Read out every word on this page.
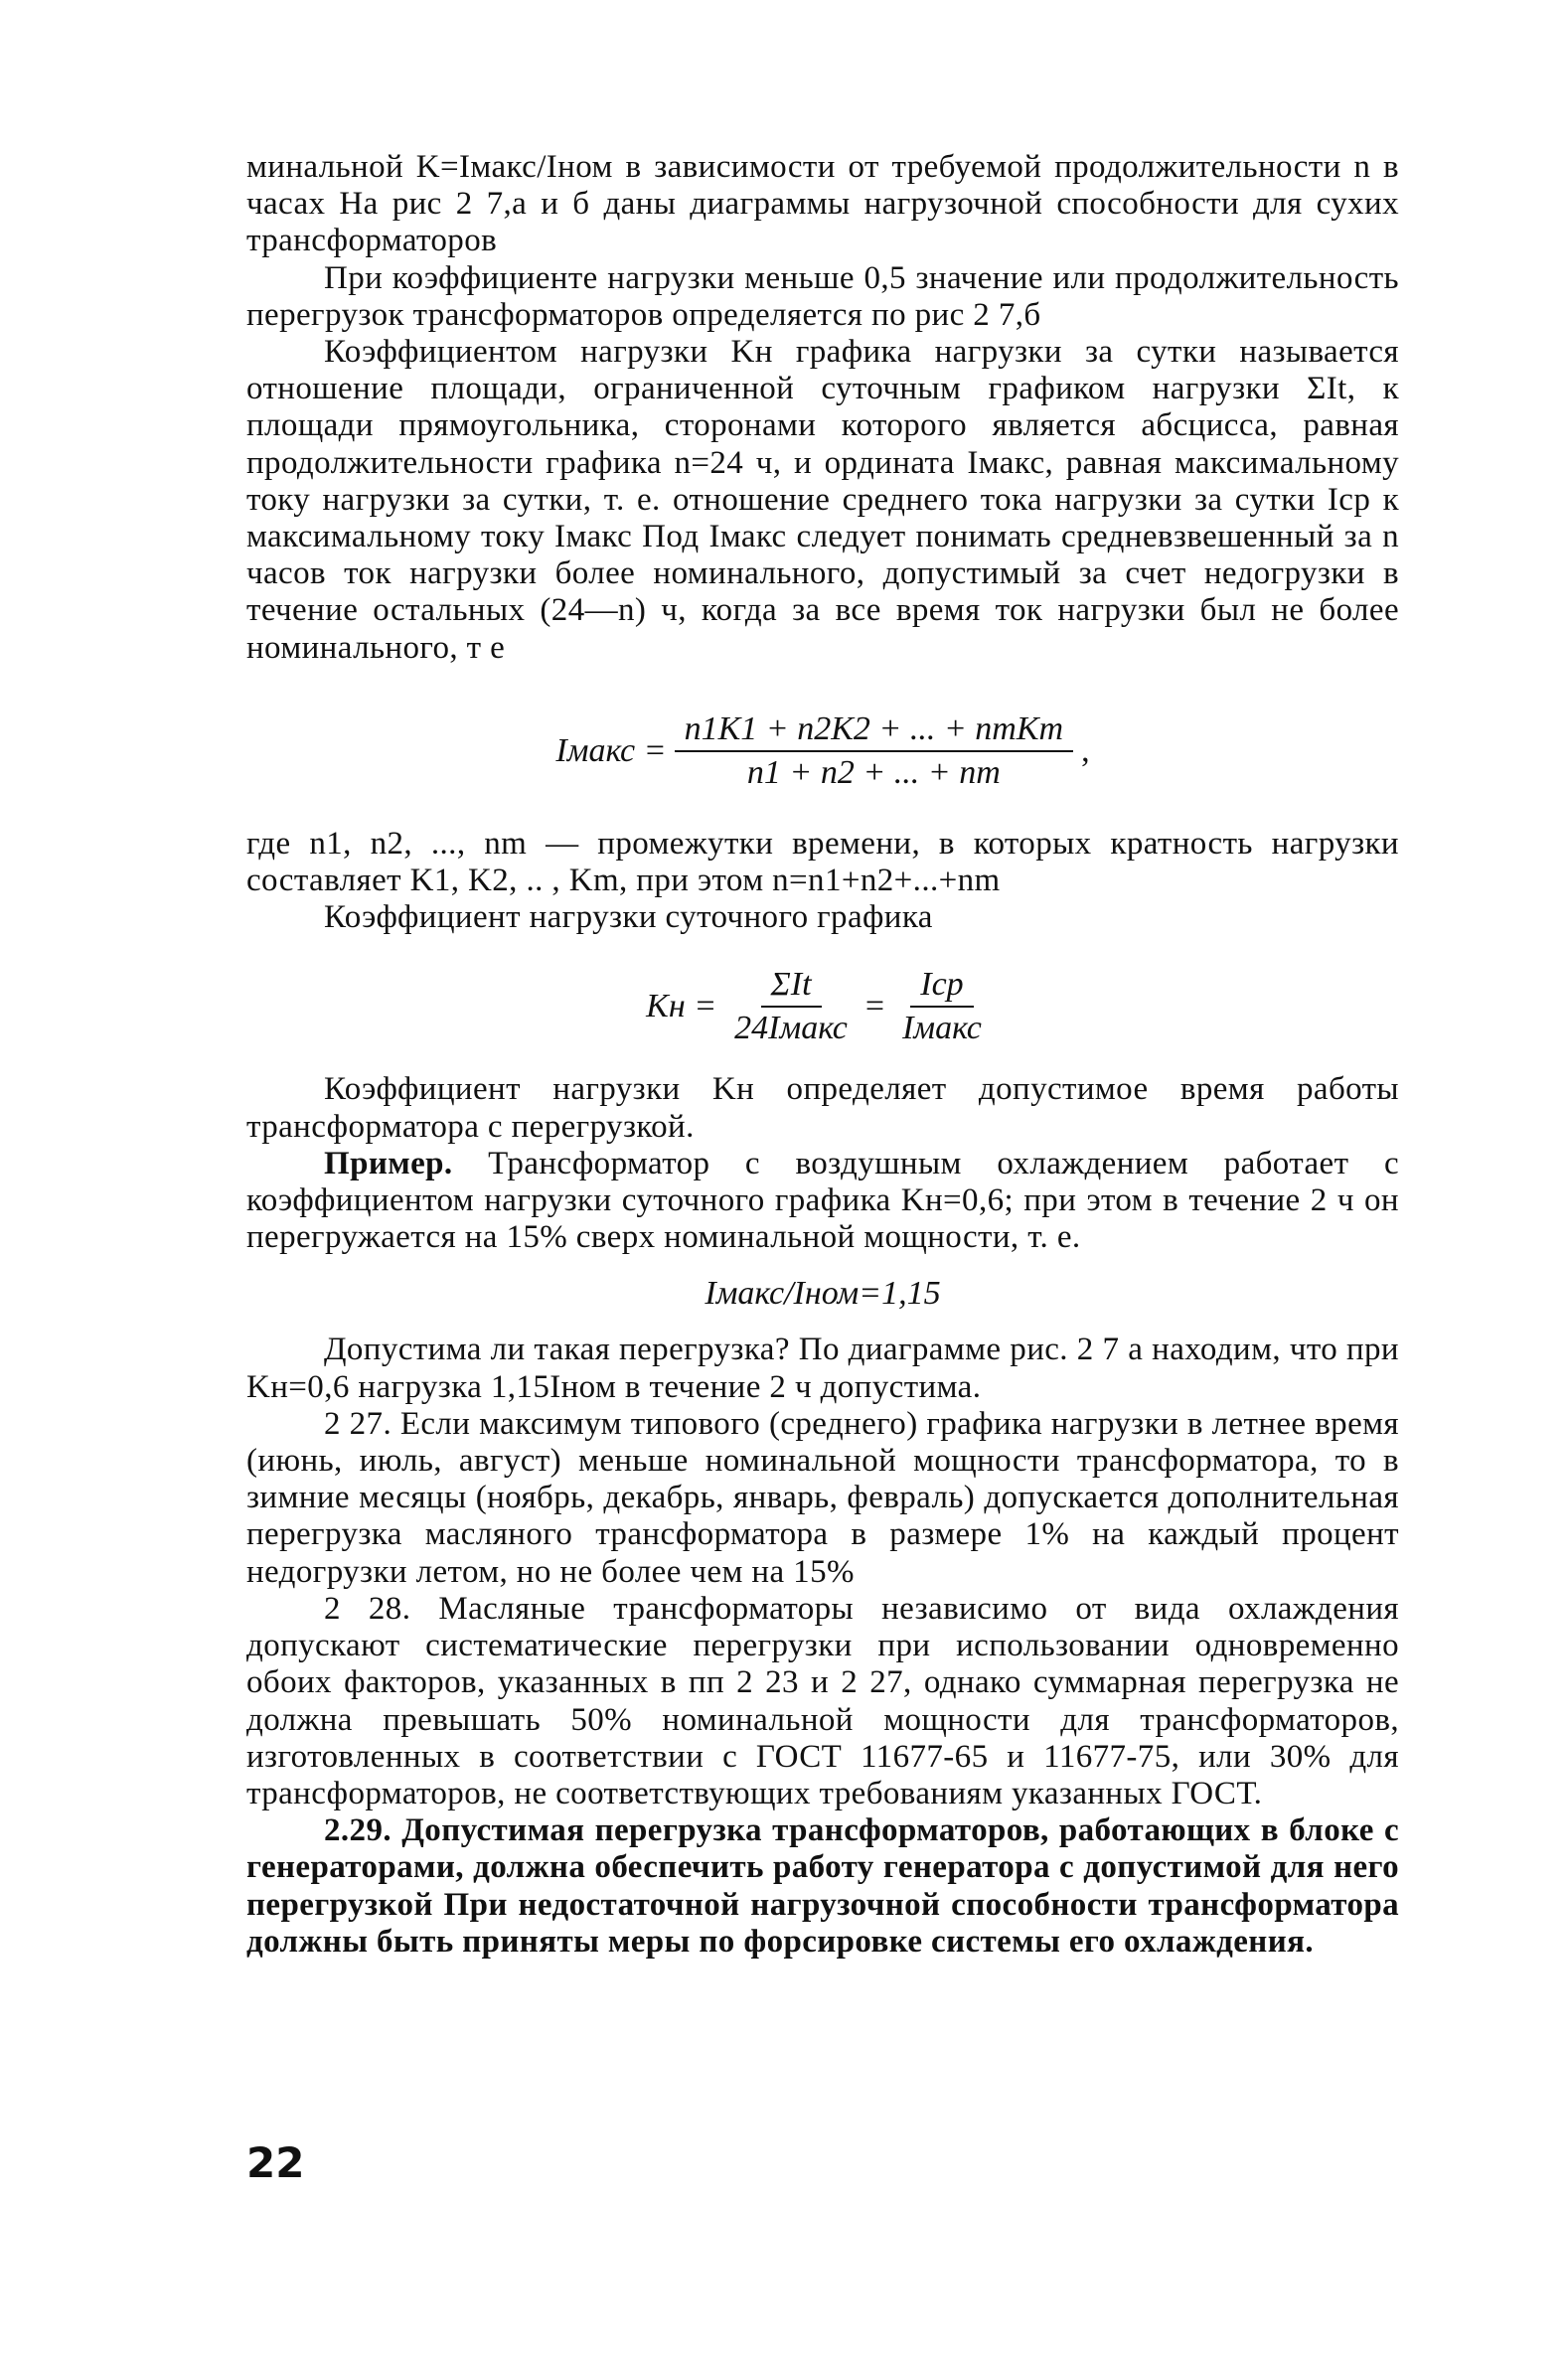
минальной K=Iмакс/Iном в зависимости от требуемой продолжительности n в часах На рис 2 7,а и б даны диаграммы нагрузочной способности для сухих трансформаторов

При коэффициенте нагрузки меньше 0,5 значение или продолжительность перегрузок трансформаторов определяется по рис 2 7,б

Коэффициентом нагрузки Kн графика нагрузки за сутки называется отношение площади, ограниченной суточным графиком нагрузки ΣIt, к площади прямоугольника, сторонами которого является абсцисса, равная продолжительности графика n=24 ч, и ордината Iмакс, равная максимальному току нагрузки за сутки, т. е. отношение среднего тока нагрузки за сутки Iср к максимальному току Iмакс Под Iмакс следует понимать средневзвешенный за n часов ток нагрузки более номинального, допустимый за счет недогрузки в течение остальных (24—n) ч, когда за все время ток нагрузки был не более номинального, т е

Iмакс = $\frac{\text{n1K1 + n2K2 + ... + nmKm}}{n1 + n2 + ... + nm}$ ,

где n1, n2, ..., nm — промежутки времени, в которых кратность нагрузки составляет K1, K2, .. , Km, при этом n=n1+n2+...+nm

Коэффициент нагрузки суточного графика

Kн = $\frac{\text{ΣIt}}{\text{24Iмакс}} = \frac{\text{Iср}}{\text{Iмакс}}$

Коэффициент нагрузки Kн определяет допустимое время работы трансформатора с перегрузкой.

Пример. Трансформатор с воздушным охлаждением работает с коэффициентом нагрузки суточного графика Kн=0,6; при этом в течение 2 ч он перегружается на 15% сверх номинальной мощности, т. е.

Iмакс/Iном=1,15

Допустима ли такая перегрузка? По диаграмме рис. 2 7 а находим, что при Kн=0,6 нагрузка 1,15Iном в течение 2 ч допустима.

2 27. Если максимум типового (среднего) графика нагрузки в летнее время (июнь, июль, август) меньше номинальной мощности трансформатора, то в зимние месяцы (ноябрь, декабрь, январь, февраль) допускается дополнительная перегрузка масляного трансформатора в размере 1% на каждый процент недогрузки летом, но не более чем на 15%

2 28. Масляные трансформаторы независимо от вида охлаждения допускают систематические перегрузки при использовании одновременно обоих факторов, указанных в пп 2 23 и 2 27, однако суммарная перегрузка не должна превышать 50% номинальной мощности для трансформаторов, изготовленных в соответствии с ГОСТ 11677-65 и 11677-75, или 30% для трансформаторов, не соответствующих требованиям указанных ГОСТ.

2.29. Допустимая перегрузка трансформаторов, работающих в блоке с генераторами, должна обеспечить работу генератора с допустимой для него перегрузкой При недостаточной нагрузочной способности трансформатора должны быть приняты меры по форсировке системы его охлаждения.

22
